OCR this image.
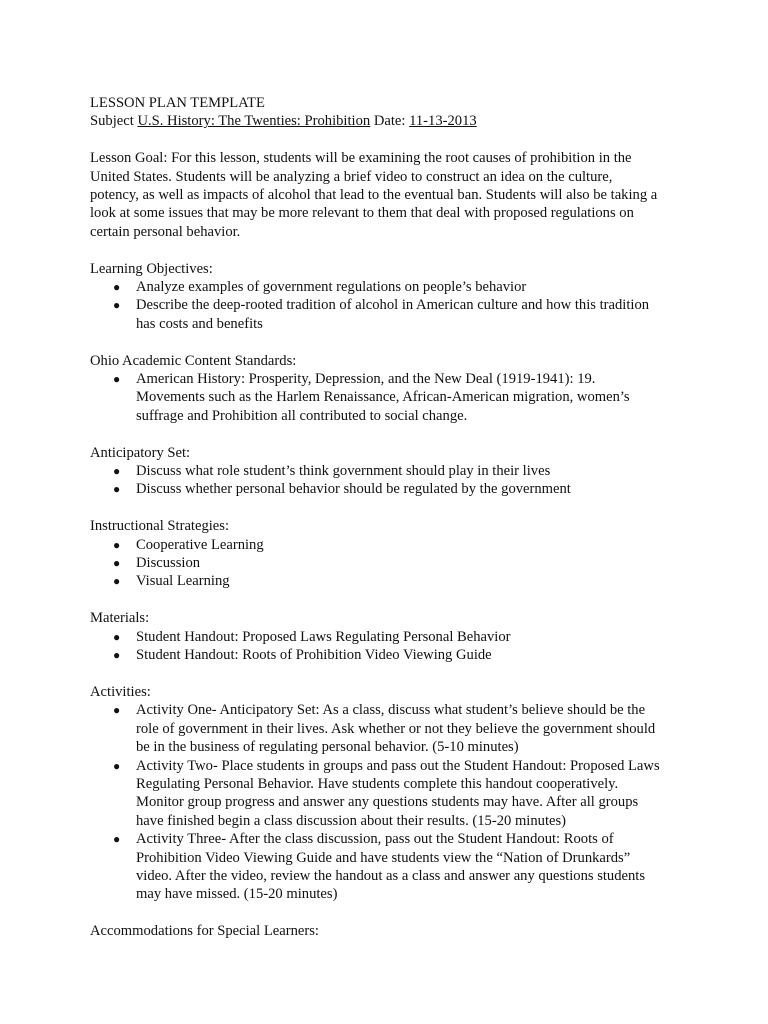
LESSON PLAN TEMPLATE
Subject U.S. History: The Twenties: Prohibition Date: 11-13-2013
Lesson Goal: For this lesson, students will be examining the root causes of prohibition in the
United States. Students will be analyzing a brief video to construct an idea on the culture,
potency, as well as impacts of alcohol that lead to the eventual ban. Students will also be taking a
look at some issues that may be more relevant to them that deal with proposed regulations on
certain personal behavior.
Learning Objectives:
● Analyze examples of government regulations on people’s behavior
● Describe the deep-rooted tradition of alcohol in American culture and how this tradition
has costs and benefits
Ohio Academic Content Standards:
● American History: Prosperity, Depression, and the New Deal (1919-1941): 19.
Movements such as the Harlem Renaissance, African-American migration, women’s
suffrage and Prohibition all contributed to social change.
Anticipatory Set:
● Discuss what role student’s think government should play in their lives
● Discuss whether personal behavior should be regulated by the government
Instructional Strategies:
● Cooperative Learning
● Discussion
● Visual Learning
Materials:
● Student Handout: Proposed Laws Regulating Personal Behavior
● Student Handout: Roots of Prohibition Video Viewing Guide
Activities:
● Activity One- Anticipatory Set: As a class, discuss what student’s believe should be the
role of government in their lives. Ask whether or not they believe the government should
be in the business of regulating personal behavior. (5-10 minutes)
● Activity Two- Place students in groups and pass out the Student Handout: Proposed Laws
Regulating Personal Behavior. Have students complete this handout cooperatively.
Monitor group progress and answer any questions students may have. After all groups
have finished begin a class discussion about their results. (15-20 minutes)
● Activity Three- After the class discussion, pass out the Student Handout: Roots of
Prohibition Video Viewing Guide and have students view the “Nation of Drunkards”
video. After the video, review the handout as a class and answer any questions students
may have missed. (15-20 minutes)
Accommodations for Special Learners:
